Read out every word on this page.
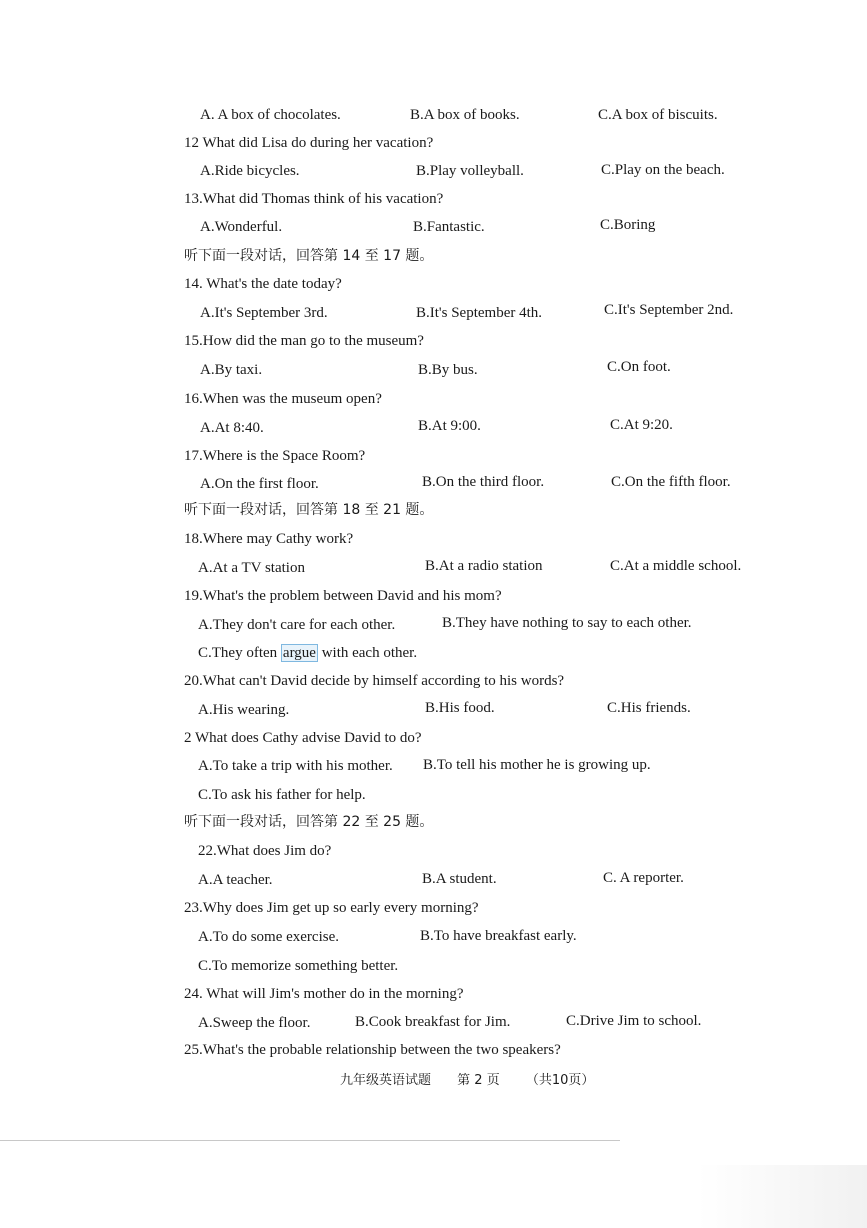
A. A box of chocolates.	B.A box of books.	C.A box of biscuits.
12 What did Lisa do during her vacation?
A.Ride bicycles.	B.Play volleyball.	C.Play on the beach.
13.What did Thomas think of his vacation?
A.Wonderful.	B.Fantastic.	C.Boring
听下面一段对话，回答第 14 至 17 题。
14. What's the date today?
A.It's September 3rd.	B.It's September 4th.	C.It's September 2nd.
15.How did the man go to the museum?
A.By taxi.	B.By bus.	C.On foot.
16.When was the museum open?
A.At 8:40.	B.At 9:00.	C.At 9:20.
17.Where is the Space Room?
A.On the first floor.	B.On the third floor.	C.On the fifth floor.
听下面一段对话，回答第 18 至 21 题。
18.Where may Cathy work?
A.At a TV station	B.At a radio station	C.At a middle school.
19.What's the problem between David and his mom?
A.They don't care for each other.	B.They have nothing to say to each other.
C.They often argue with each other.
20.What can't David decide by himself according to his words?
A.His wearing.	B.His food.	C.His friends.
2 What does Cathy advise David to do?
A.To take a trip with his mother. B.To tell his mother he is growing up.
C.To ask his father for help.
听下面一段对话，回答第 22 至 25 题。
22.What does Jim do?
A.A teacher.	B.A student.	C. A reporter.
23.Why does Jim get up so early every morning?
A.To do some exercise.	B.To have breakfast early.
C.To memorize something better.
24. What will Jim's mother do in the morning?
A.Sweep the floor.	B.Cook breakfast for Jim.	C.Drive Jim to school.
25.What's the probable relationship between the two speakers?
九年级英语试题 第 2 页 （共10页）
